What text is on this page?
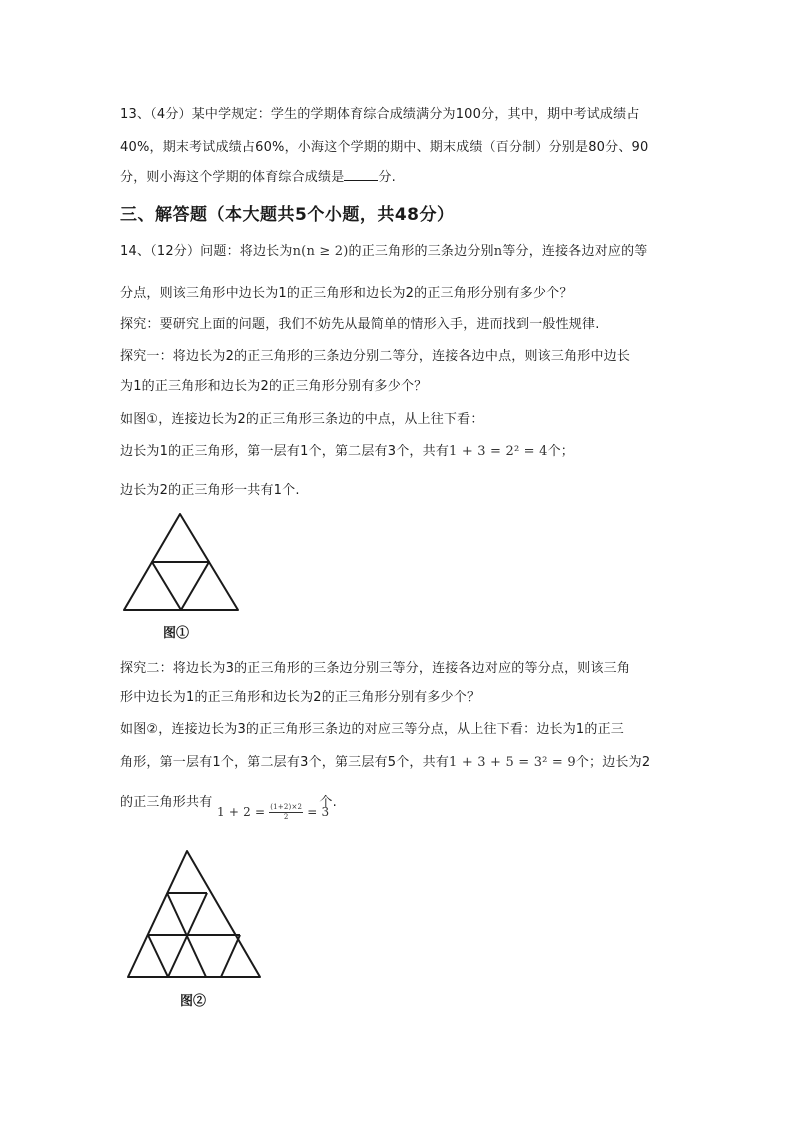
13、（4分）某中学规定：学生的学期体育综合成绩满分为100分，其中，期中考试成绩占
40%，期末考试成绩占60%，小海这个学期的期中、期末成绩（百分制）分别是80分、90
分，则小海这个学期的体育综合成绩是	分.
三、解答题（本大题共5个小题，共48分）
14、（12分）问题：将边长为n(n ≥ 2)的正三角形的三条边分别n等分，连接各边对应的等
分点，则该三角形中边长为1的正三角形和边长为2的正三角形分别有多少个？
探究：要研究上面的问题，我们不妨先从最简单的情形入手，进而找到一般性规律.
探究一：将边长为2的正三角形的三条边分别二等分，连接各边中点，则该三角形中边长
为1的正三角形和边长为2的正三角形分别有多少个？
如图①，连接边长为2的正三角形三条边的中点，从上往下看：
边长为1的正三角形，第一层有1个，第二层有3个，共有1 + 3 = 2² = 4个；
边长为2的正三角形一共有1个.
图①
探究二：将边长为3的正三角形的三条边分别三等分，连接各边对应的等分点，则该三角
形中边长为1的正三角形和边长为2的正三角形分别有多少个？
如图②，连接边长为3的正三角形三条边的对应三等分点，从上往下看：边长为1的正三
角形，第一层有1个，第二层有3个，第三层有5个，共有1 + 3 + 5 = 3² = 9个；边长为2
的正三角形共有	个.
$1 + 2 = \frac{(1+2)\times 2}{2} = 3$
图②
